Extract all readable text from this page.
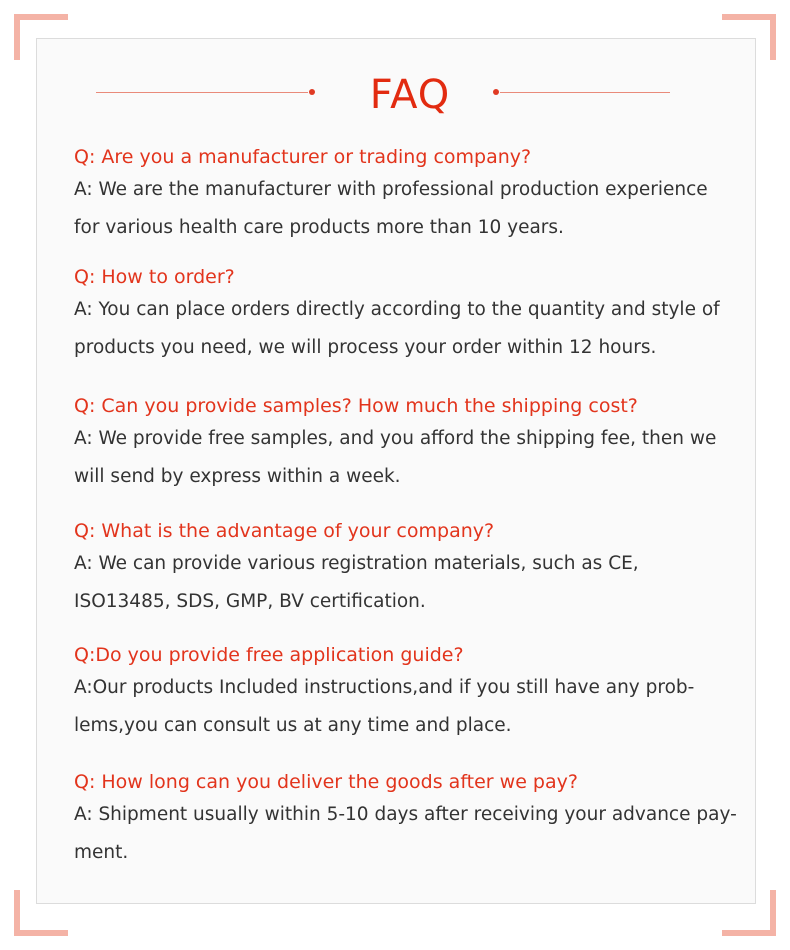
FAQ
Q: Are you a manufacturer or trading company?
A: We are the manufacturer with professional production experience
for various health care products more than 10 years.
Q: How to order?
A: You can place orders directly according to the quantity and style of
products you need, we will process your order within 12 hours.
Q: Can you provide samples? How much the shipping cost?
A: We provide free samples, and you afford the shipping fee, then we
will send by express within a week.
Q: What is the advantage of your company?
A: We can provide various registration materials, such as CE,
ISO13485, SDS, GMP, BV certification.
Q:Do you provide free application guide?
A:Our products Included instructions,and if you still have any prob-
lems,you can consult us at any time and place.
Q: How long can you deliver the goods after we pay?
A: Shipment usually within 5-10 days after receiving your advance pay-
ment.
